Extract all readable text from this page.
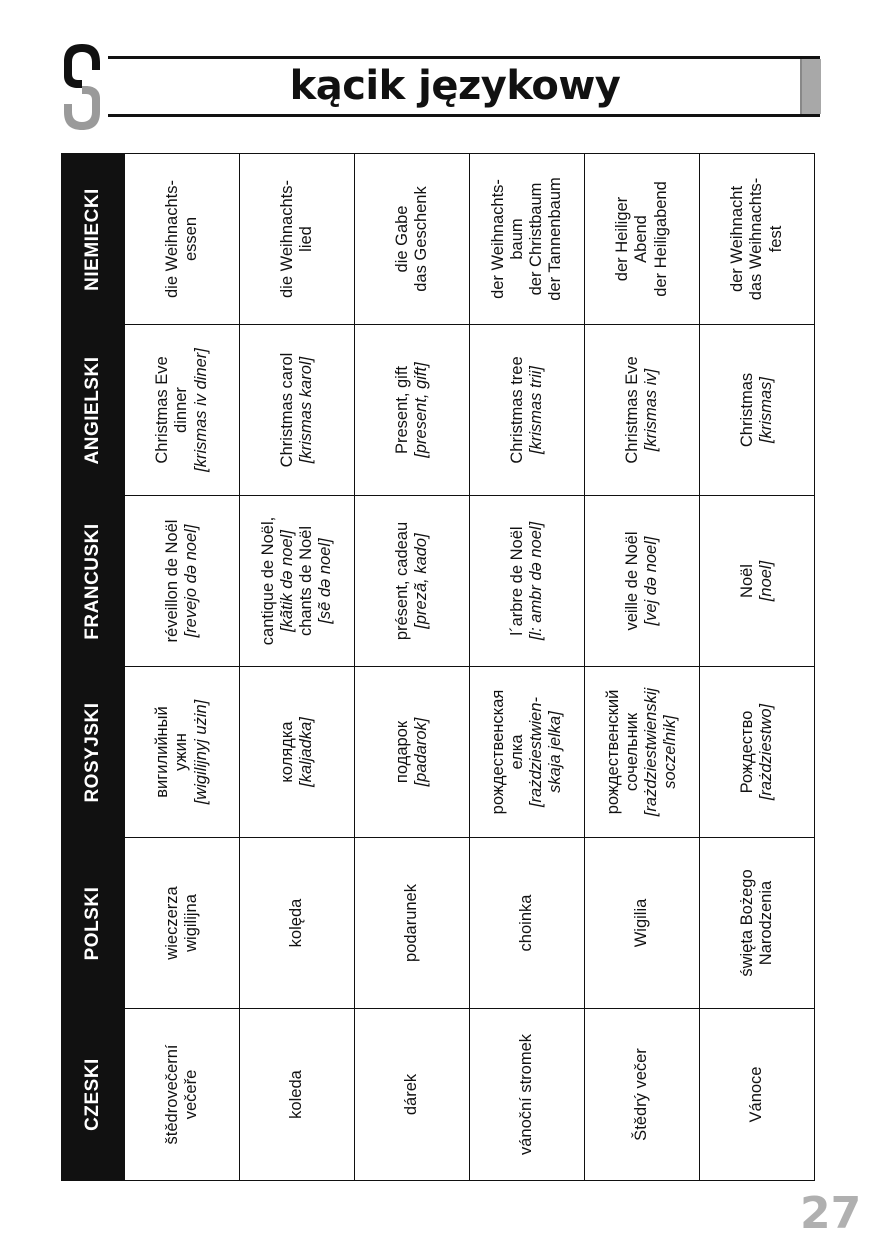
kącik językowy
CZESKI
POLSKI
ROSYJSKI
FRANCUSKI
ANGIELSKI
NIEMIECKI
štědrovečerní večeře
wieczerza wigilijna
вигилийный ужин [wigilijnyj użin]
réveillon de Noël [revejo də noel]
Christmas Eve dinner [krismas iv diner]
die Weihnachts- essen
koleda
kolęda
колядка [kaljadka]
cantique de Noël, [kãtik də noel] chants de Noël [sẽ də noel]
Christmas carol [krismas karol]
die Weihnachts- lied
dárek
podarunek
подарок [padarok]
présent, cadeau [prezã, kado]
Present, gift [present, gift]
die Gabe das Geschenk
vánoční stromek
choinka
рождественская елка [rażdziestwien- skaja jelka]
l´arbre de Noël [l: ambr də noel]
Christmas tree [krismas trii]
der Weihnachts- baum der Christbaum der Tannenbaum
Štědrý večer
Wigilia
рождественский сочельник [rażdziestwienskij soczeľnik]
veille de Noël [vej də noel]
Christmas Eve [krismas iv]
der Heiliger Abend der Heiligabend
Vánoce
święta Bożego Narodzenia
Рождество [rażdziestwo]
Noël [noel]
Christmas [krismas]
der Weihnacht das Weihnachts- fest
27
